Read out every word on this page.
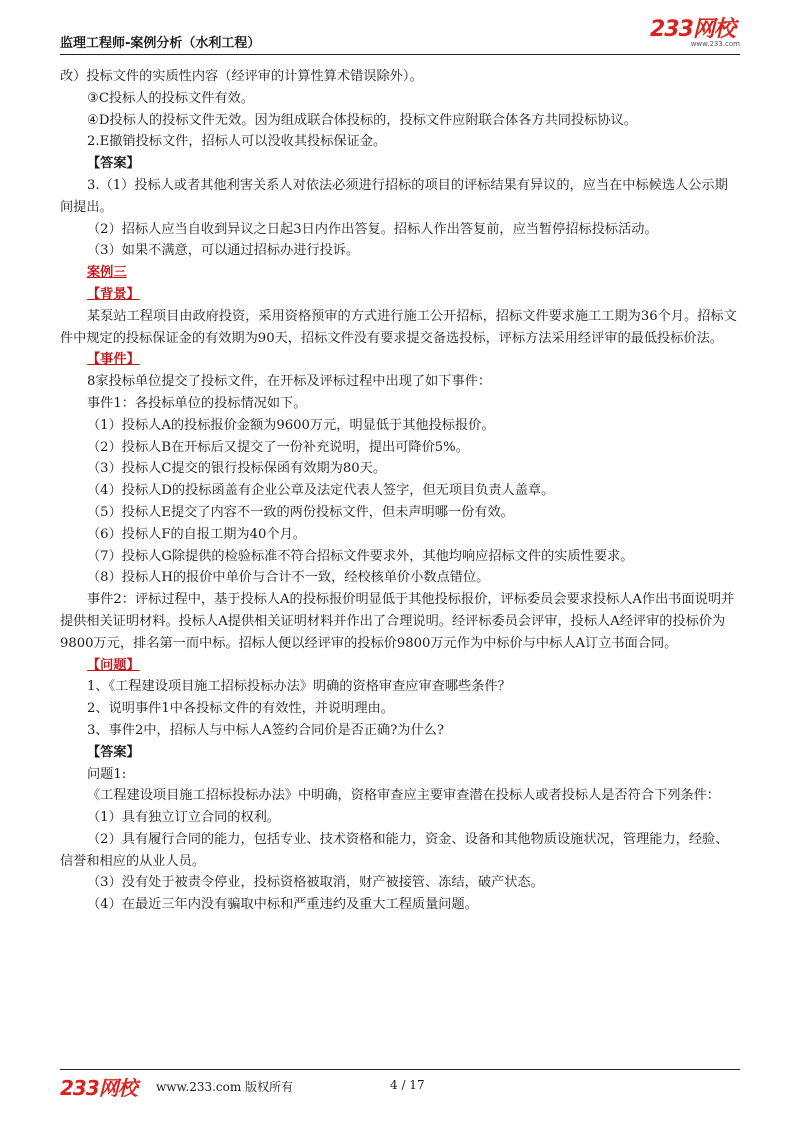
监理工程师-案例分析（水利工程）
233网校
www.233.com

改）投标文件的实质性内容（经评审的计算性算术错误除外）。

③C投标人的投标文件有效。

④D投标人的投标文件无效。因为组成联合体投标的，投标文件应附联合体各方共同投标协议。

2.E撤销投标文件，招标人可以没收其投标保证金。

【答案】

3.（1）投标人或者其他利害关系人对依法必须进行招标的项目的评标结果有异议的，应当在中标候选人公示期间提出。

（2）招标人应当自收到异议之日起3日内作出答复。招标人作出答复前，应当暂停招标投标活动。

（3）如果不满意，可以通过招标办进行投诉。

案例三

【背景】

某泵站工程项目由政府投资，采用资格预审的方式进行施工公开招标，招标文件要求施工工期为36个月。招标文件中规定的投标保证金的有效期为90天，招标文件没有要求提交备选投标，评标方法采用经评审的最低投标价法。

【事件】

8家投标单位提交了投标文件，在开标及评标过程中出现了如下事件：

事件1：各投标单位的投标情况如下。

（1）投标人A的投标报价金额为9600万元，明显低于其他投标报价。

（2）投标人B在开标后又提交了一份补充说明，提出可降价5%。

（3）投标人C提交的银行投标保函有效期为80天。

（4）投标人D的投标函盖有企业公章及法定代表人签字，但无项目负责人盖章。

（5）投标人E提交了内容不一致的两份投标文件，但未声明哪一份有效。

（6）投标人F的自报工期为40个月。

（7）投标人G除提供的检验标准不符合招标文件要求外，其他均响应招标文件的实质性要求。

（8）投标人H的报价中单价与合计不一致，经校核单价小数点错位。

事件2：评标过程中，基于投标人A的投标报价明显低于其他投标报价，评标委员会要求投标人A作出书面说明并提供相关证明材料。投标人A提供相关证明材料并作出了合理说明。经评标委员会评审，投标人A经评审的投标价为9800万元，排名第一而中标。招标人便以经评审的投标价9800万元作为中标价与中标人A订立书面合同。

【问题】

1、《工程建设项目施工招标投标办法》明确的资格审查应审查哪些条件？

2、说明事件1中各投标文件的有效性，并说明理由。

3、事件2中，招标人与中标人A签约合同价是否正确?为什么?

【答案】

问题1:

《工程建设项目施工招标投标办法》中明确，资格审查应主要审查潜在投标人或者投标人是否符合下列条件：

（1）具有独立订立合同的权利。

（2）具有履行合同的能力，包括专业、技术资格和能力，资金、设备和其他物质设施状况，管理能力，经验、信誉和相应的从业人员。

（3）没有处于被责令停业，投标资格被取消，财产被接管、冻结，破产状态。

（4）在最近三年内没有骗取中标和严重违约及重大工程质量问题。

233网校 www.233.com 版权所有	4 / 17
